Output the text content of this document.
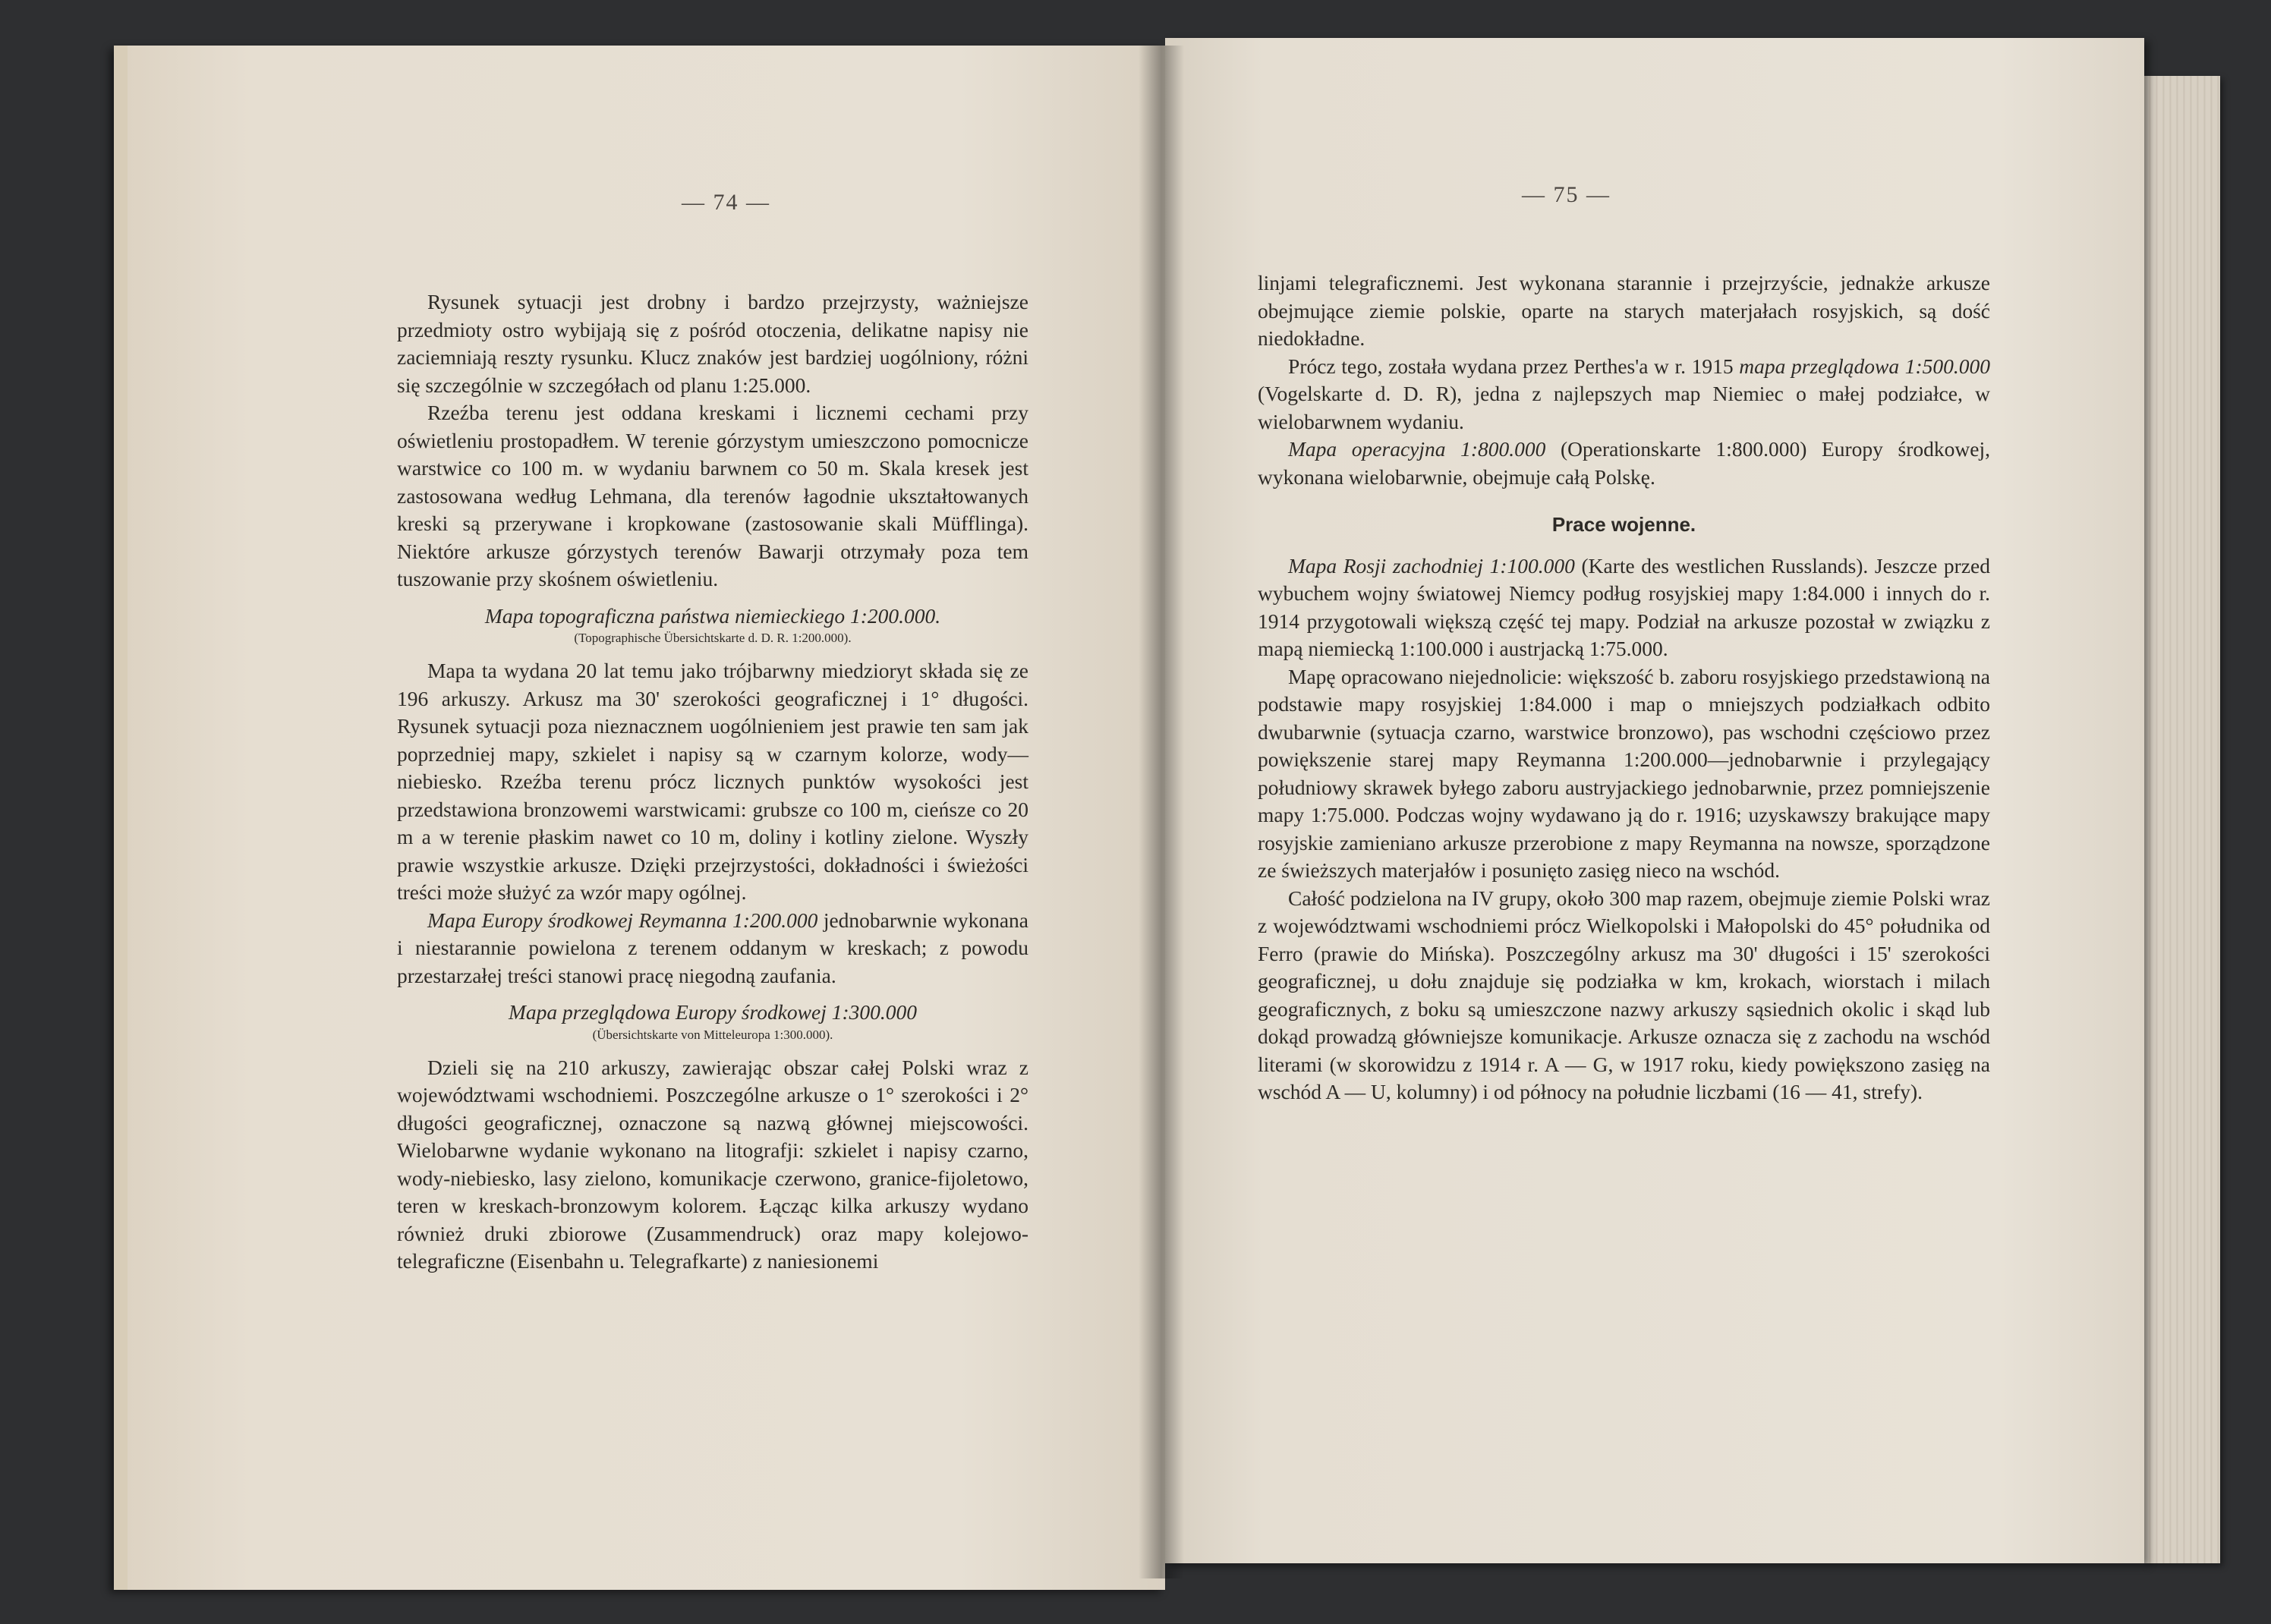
— 74 —

Rysunek sytuacji jest drobny i bardzo przejrzysty, ważniejsze przedmioty ostro wybijają się z pośród otoczenia, delikatne napisy nie zaciemniają reszty rysunku. Klucz znaków jest bardziej uogólniony, różni się szczególnie w szczegółach od planu 1:25.000.

Rzeźba terenu jest oddana kreskami i licznemi cechami przy oświetleniu prostopadłem. W terenie górzystym umieszczono pomocnicze warstwice co 100 m. w wydaniu barwnem co 50 m. Skala kresek jest zastosowana według Lehmana, dla terenów łagodnie ukształtowanych kreski są przerywane i kropkowane (zastosowanie skali Müfflinga). Niektóre arkusze górzystych terenów Bawarji otrzymały poza tem tuszowanie przy skośnem oświetleniu.

Mapa topograficzna państwa niemieckiego 1:200.000.

(Topographische Übersichtskarte d. D. R. 1:200.000).

Mapa ta wydana 20 lat temu jako trójbarwny miedzioryt składa się ze 196 arkuszy. Arkusz ma 30' szerokości geograficznej i 1° długości. Rysunek sytuacji poza nieznacznem uogólnieniem jest prawie ten sam jak poprzedniej mapy, szkielet i napisy są w czarnym kolorze, wody—niebiesko. Rzeźba terenu prócz licznych punktów wysokości jest przedstawiona bronzowemi warstwicami: grubsze co 100 m, cieńsze co 20 m a w terenie płaskim nawet co 10 m, doliny i kotliny zielone. Wyszły prawie wszystkie arkusze. Dzięki przejrzystości, dokładności i świeżości treści może służyć za wzór mapy ogólnej.

Mapa Europy środkowej Reymanna 1:200.000 jednobarwnie wykonana i niestarannie powielona z terenem oddanym w kreskach; z powodu przestarzałej treści stanowi pracę niegodną zaufania.

Mapa przeglądowa Europy środkowej 1:300.000

(Übersichtskarte von Mitteleuropa 1:300.000).

Dzieli się na 210 arkuszy, zawierając obszar całej Polski wraz z województwami wschodniemi. Poszczególne arkusze o 1° szerokości i 2° długości geograficznej, oznaczone są nazwą głównej miejscowości. Wielobarwne wydanie wykonano na litografji: szkielet i napisy czarno, wody-niebiesko, lasy zielono, komunikacje czerwono, granice-fijoletowo, teren w kreskach-bronzowym kolorem. Łącząc kilka arkuszy wydano również druki zbiorowe (Zusammendruck) oraz mapy kolejowo-telegraficzne (Eisenbahn u. Telegrafkarte) z naniesionemi

— 75 —

linjami telegraficznemi. Jest wykonana starannie i przejrzyście, jednakże arkusze obejmujące ziemie polskie, oparte na starych materjałach rosyjskich, są dość niedokładne.

Prócz tego, została wydana przez Perthes'a w r. 1915 mapa przeglądowa 1:500.000 (Vogelskarte d. D. R), jedna z najlepszych map Niemiec o małej podziałce, w wielobarwnem wydaniu.

Mapa operacyjna 1:800.000 (Operationskarte 1:800.000) Europy środkowej, wykonana wielobarwnie, obejmuje całą Polskę.

Prace wojenne.

Mapa Rosji zachodniej 1:100.000 (Karte des westlichen Russlands). Jeszcze przed wybuchem wojny światowej Niemcy podług rosyjskiej mapy 1:84.000 i innych do r. 1914 przygotowali większą część tej mapy. Podział na arkusze pozostał w związku z mapą niemiecką 1:100.000 i austrjacką 1:75.000.

Mapę opracowano niejednolicie: większość b. zaboru rosyjskiego przedstawioną na podstawie mapy rosyjskiej 1:84.000 i map o mniejszych podziałkach odbito dwubarwnie (sytuacja czarno, warstwice bronzowo), pas wschodni częściowo przez powiększenie starej mapy Reymanna 1:200.000—jednobarwnie i przylegający południowy skrawek byłego zaboru austryjackiego jednobarwnie, przez pomniejszenie mapy 1:75.000. Podczas wojny wydawano ją do r. 1916; uzyskawszy brakujące mapy rosyjskie zamieniano arkusze przerobione z mapy Reymanna na nowsze, sporządzone ze świeższych materjałów i posunięto zasięg nieco na wschód.

Całość podzielona na IV grupy, około 300 map razem, obejmuje ziemie Polski wraz z województwami wschodniemi prócz Wielkopolski i Małopolski do 45° południka od Ferro (prawie do Mińska). Poszczególny arkusz ma 30' długości i 15' szerokości geograficznej, u dołu znajduje się podziałka w km, krokach, wiorstach i milach geograficznych, z boku są umieszczone nazwy arkuszy sąsiednich okolic i skąd lub dokąd prowadzą główniejsze komunikacje. Arkusze oznacza się z zachodu na wschód literami (w skorowidzu z 1914 r. A — G, w 1917 roku, kiedy powiększono zasięg na wschód A — U, kolumny) i od północy na południe liczbami (16 — 41, strefy).
